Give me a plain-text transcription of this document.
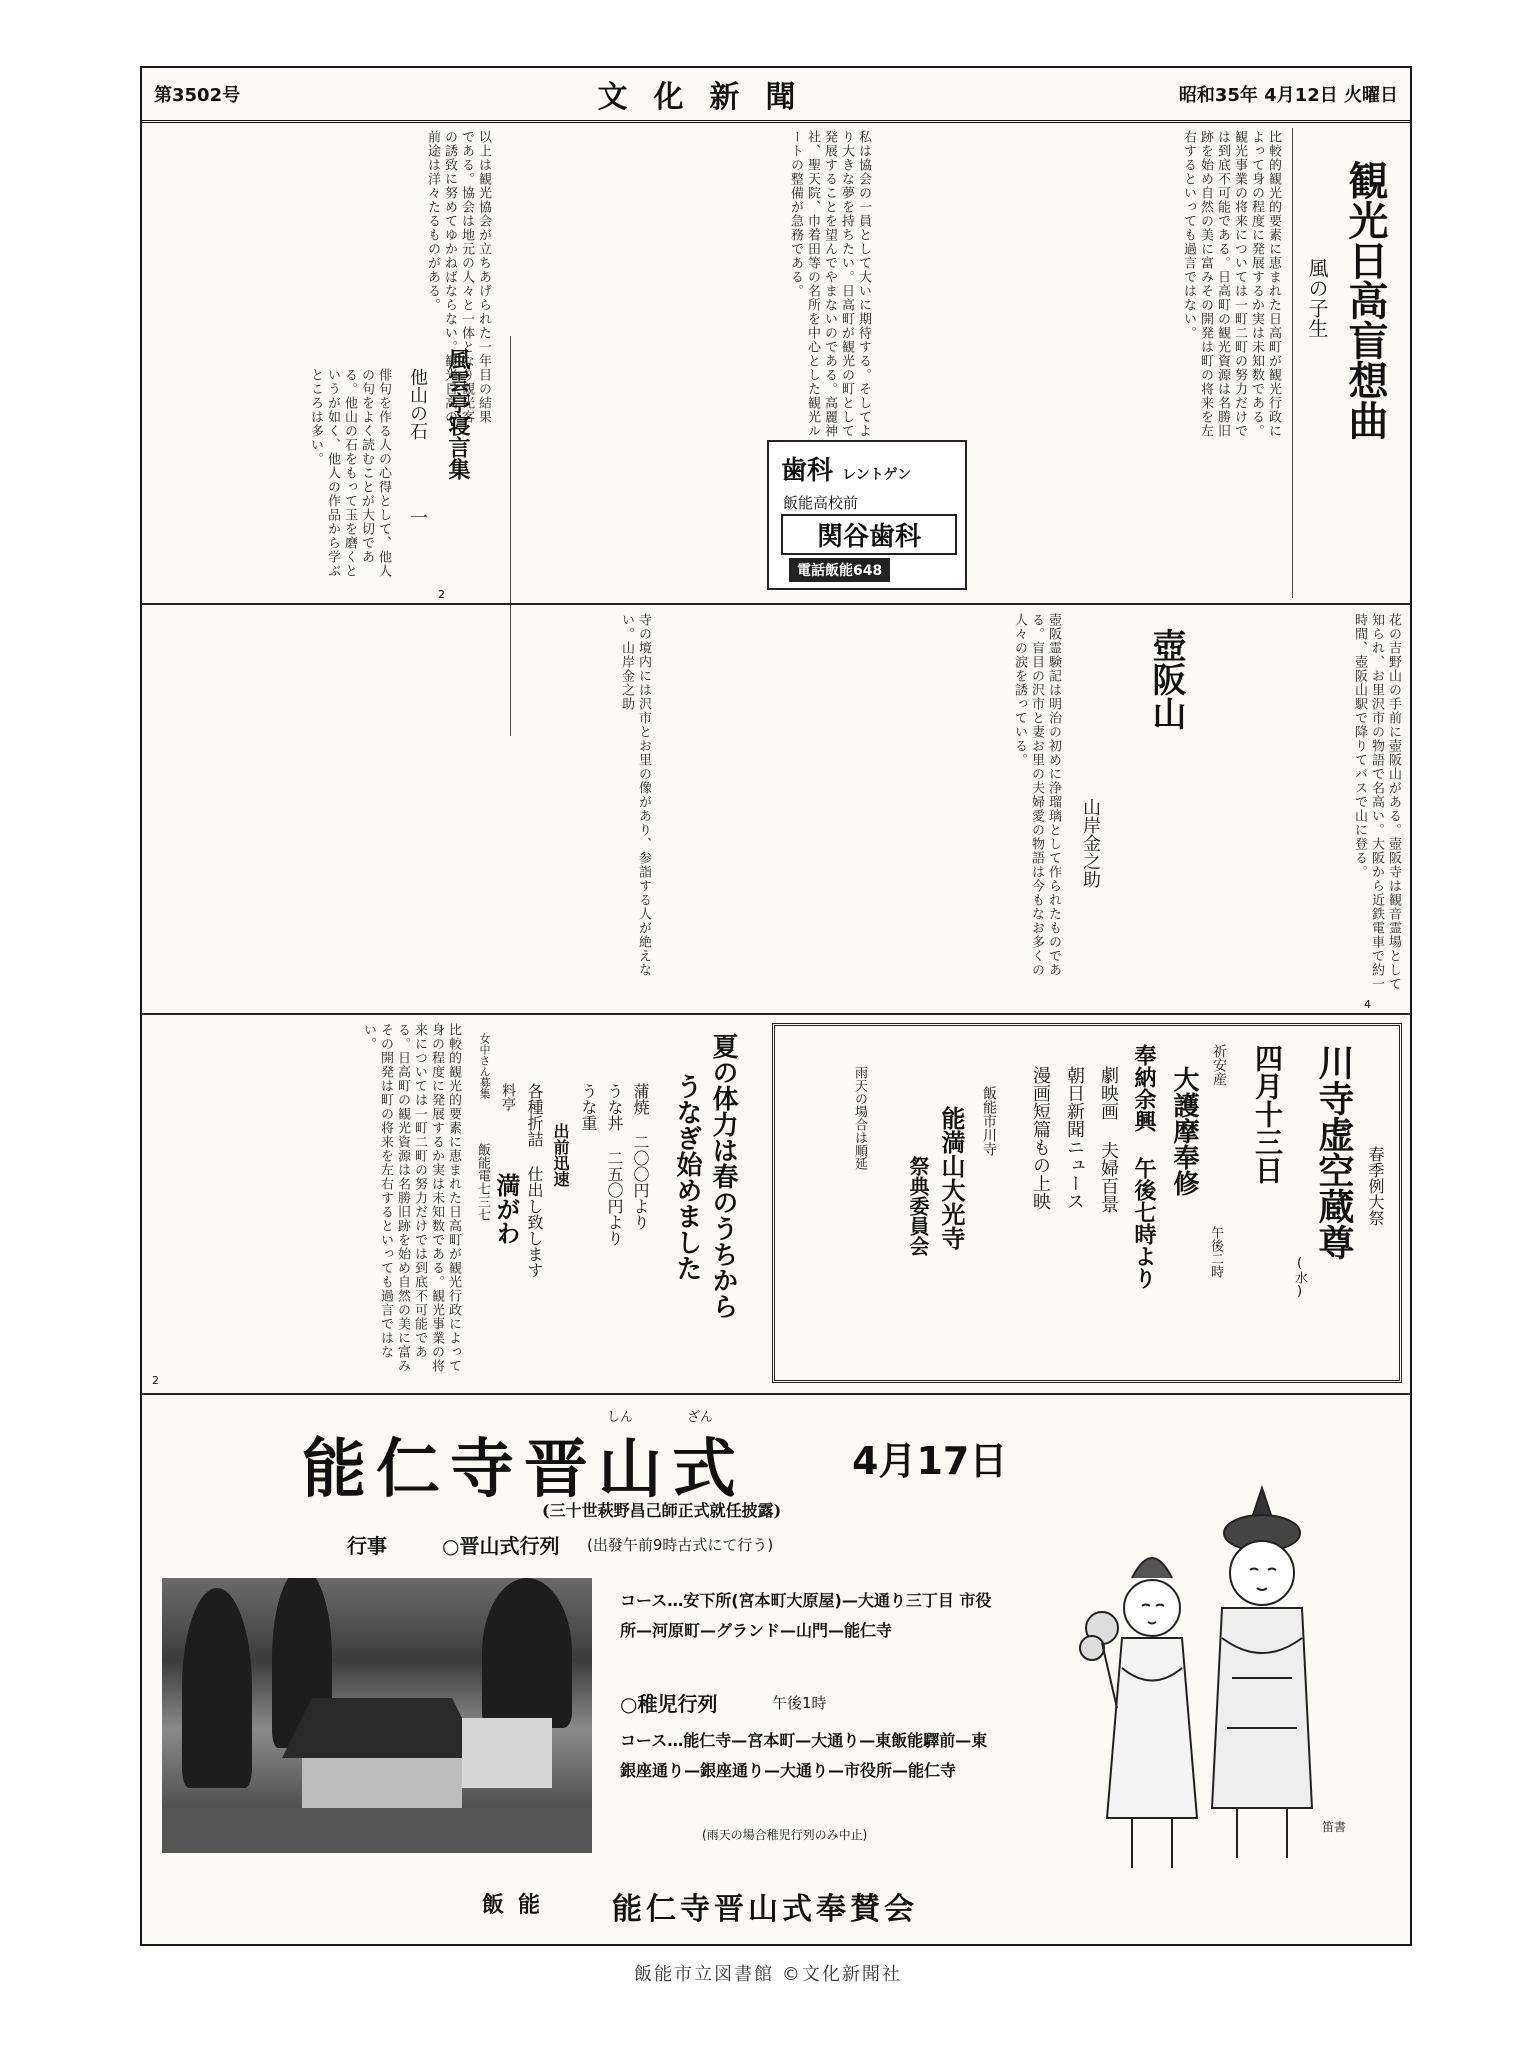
第3502号	文化新聞	昭和35年 4月12日 火曜日
観光日高盲想曲
風の子生
比較的観光的要素に恵まれた日高町が観光行政によって身の程度に発展するか実は未知数である。観光事業の将来については一町二町の努力だけでは到底不可能である。日高町の観光資源は名勝旧跡を始め自然の美に富みその開発は町の将来を左右するといっても過言ではない。
私は協会の一員として大いに期待する。そしてより大きな夢を持ちたい。日高町が観光の町として発展することを望んでやまないのである。高麗神社、聖天院、巾着田等の名所を中心とした観光ルートの整備が急務である。
以上は観光協会が立ちあげられた一年目の結果である。協会は地元の人々と一体となり観光客の誘致に努めてゆかねばならない。観光日高の前途は洋々たるものがある。
風雲亭寝言集
他山の石
一
俳句を作る人の心得として、他人の句をよく読むことが大切である。他山の石をもって玉を磨くというが如く、他人の作品から学ぶところは多い。
歯科 レントゲン
飯能高校前
関谷歯科
電話飯能648
壺阪山
山岸金之助	花の吉野山の手前に壺阪山がある。壺阪寺は観音霊場として知られ、お里沢市の物語で名高い。大阪から近鉄電車で約一時間、壺阪山駅で降りてバスで山に登る。
壺阪霊験記は明治の初めに浄瑠璃として作られたものである。盲目の沢市と妻お里の夫婦愛の物語は今もなお多くの人々の涙を誘っている。
寺の境内には沢市とお里の像があり、参詣する人が絶えない。山岸金之助
4
川寺虚空蔵尊 春季例大祭
四月十三日
(水)
祈安産
大護摩奉修
午後二時
奉納余興 午後七時より
劇映画 夫婦百景
朝日新聞ニュース
漫画短篇もの上映
飯能市川寺
能満山大光寺
祭典委員会
雨天の場合は順延
夏の体力は春のうちから
うなぎ始めました
蒲焼 二〇〇円より
うな丼 二五〇円より
うな重
出前迅速
各種折詰 仕出し致します
料亭
満がわ
飯能電七三七
女中さん募集
比較的観光的要素に恵まれた日高町が観光行政によって身の程度に発展するか実は未知数である。観光事業の将来については一町二町の努力だけでは到底不可能である。日高町の観光資源は名勝旧跡を始め自然の美に富みその開発は町の将来を左右するといっても過言ではない。
2
能仁寺晋山式
しん	ざん
4月17日
(三十世萩野昌己師正式就任披露)
行事	○晋山式行列 (出發午前9時古式にて行う)
コース…安下所(宮本町大原屋)—大通り三丁目 市役所—河原町—グランド—山門—能仁寺
○稚児行列	午後1時
コース…能仁寺—宮本町—大通り—東飯能驛前—東銀座通り—銀座通り—大通り—市役所—能仁寺
(雨天の場合稚児行列のみ中止)
笛書
飯能 能仁寺晋山式奉賛会
2
飯能市立図書館 ©文化新聞社
